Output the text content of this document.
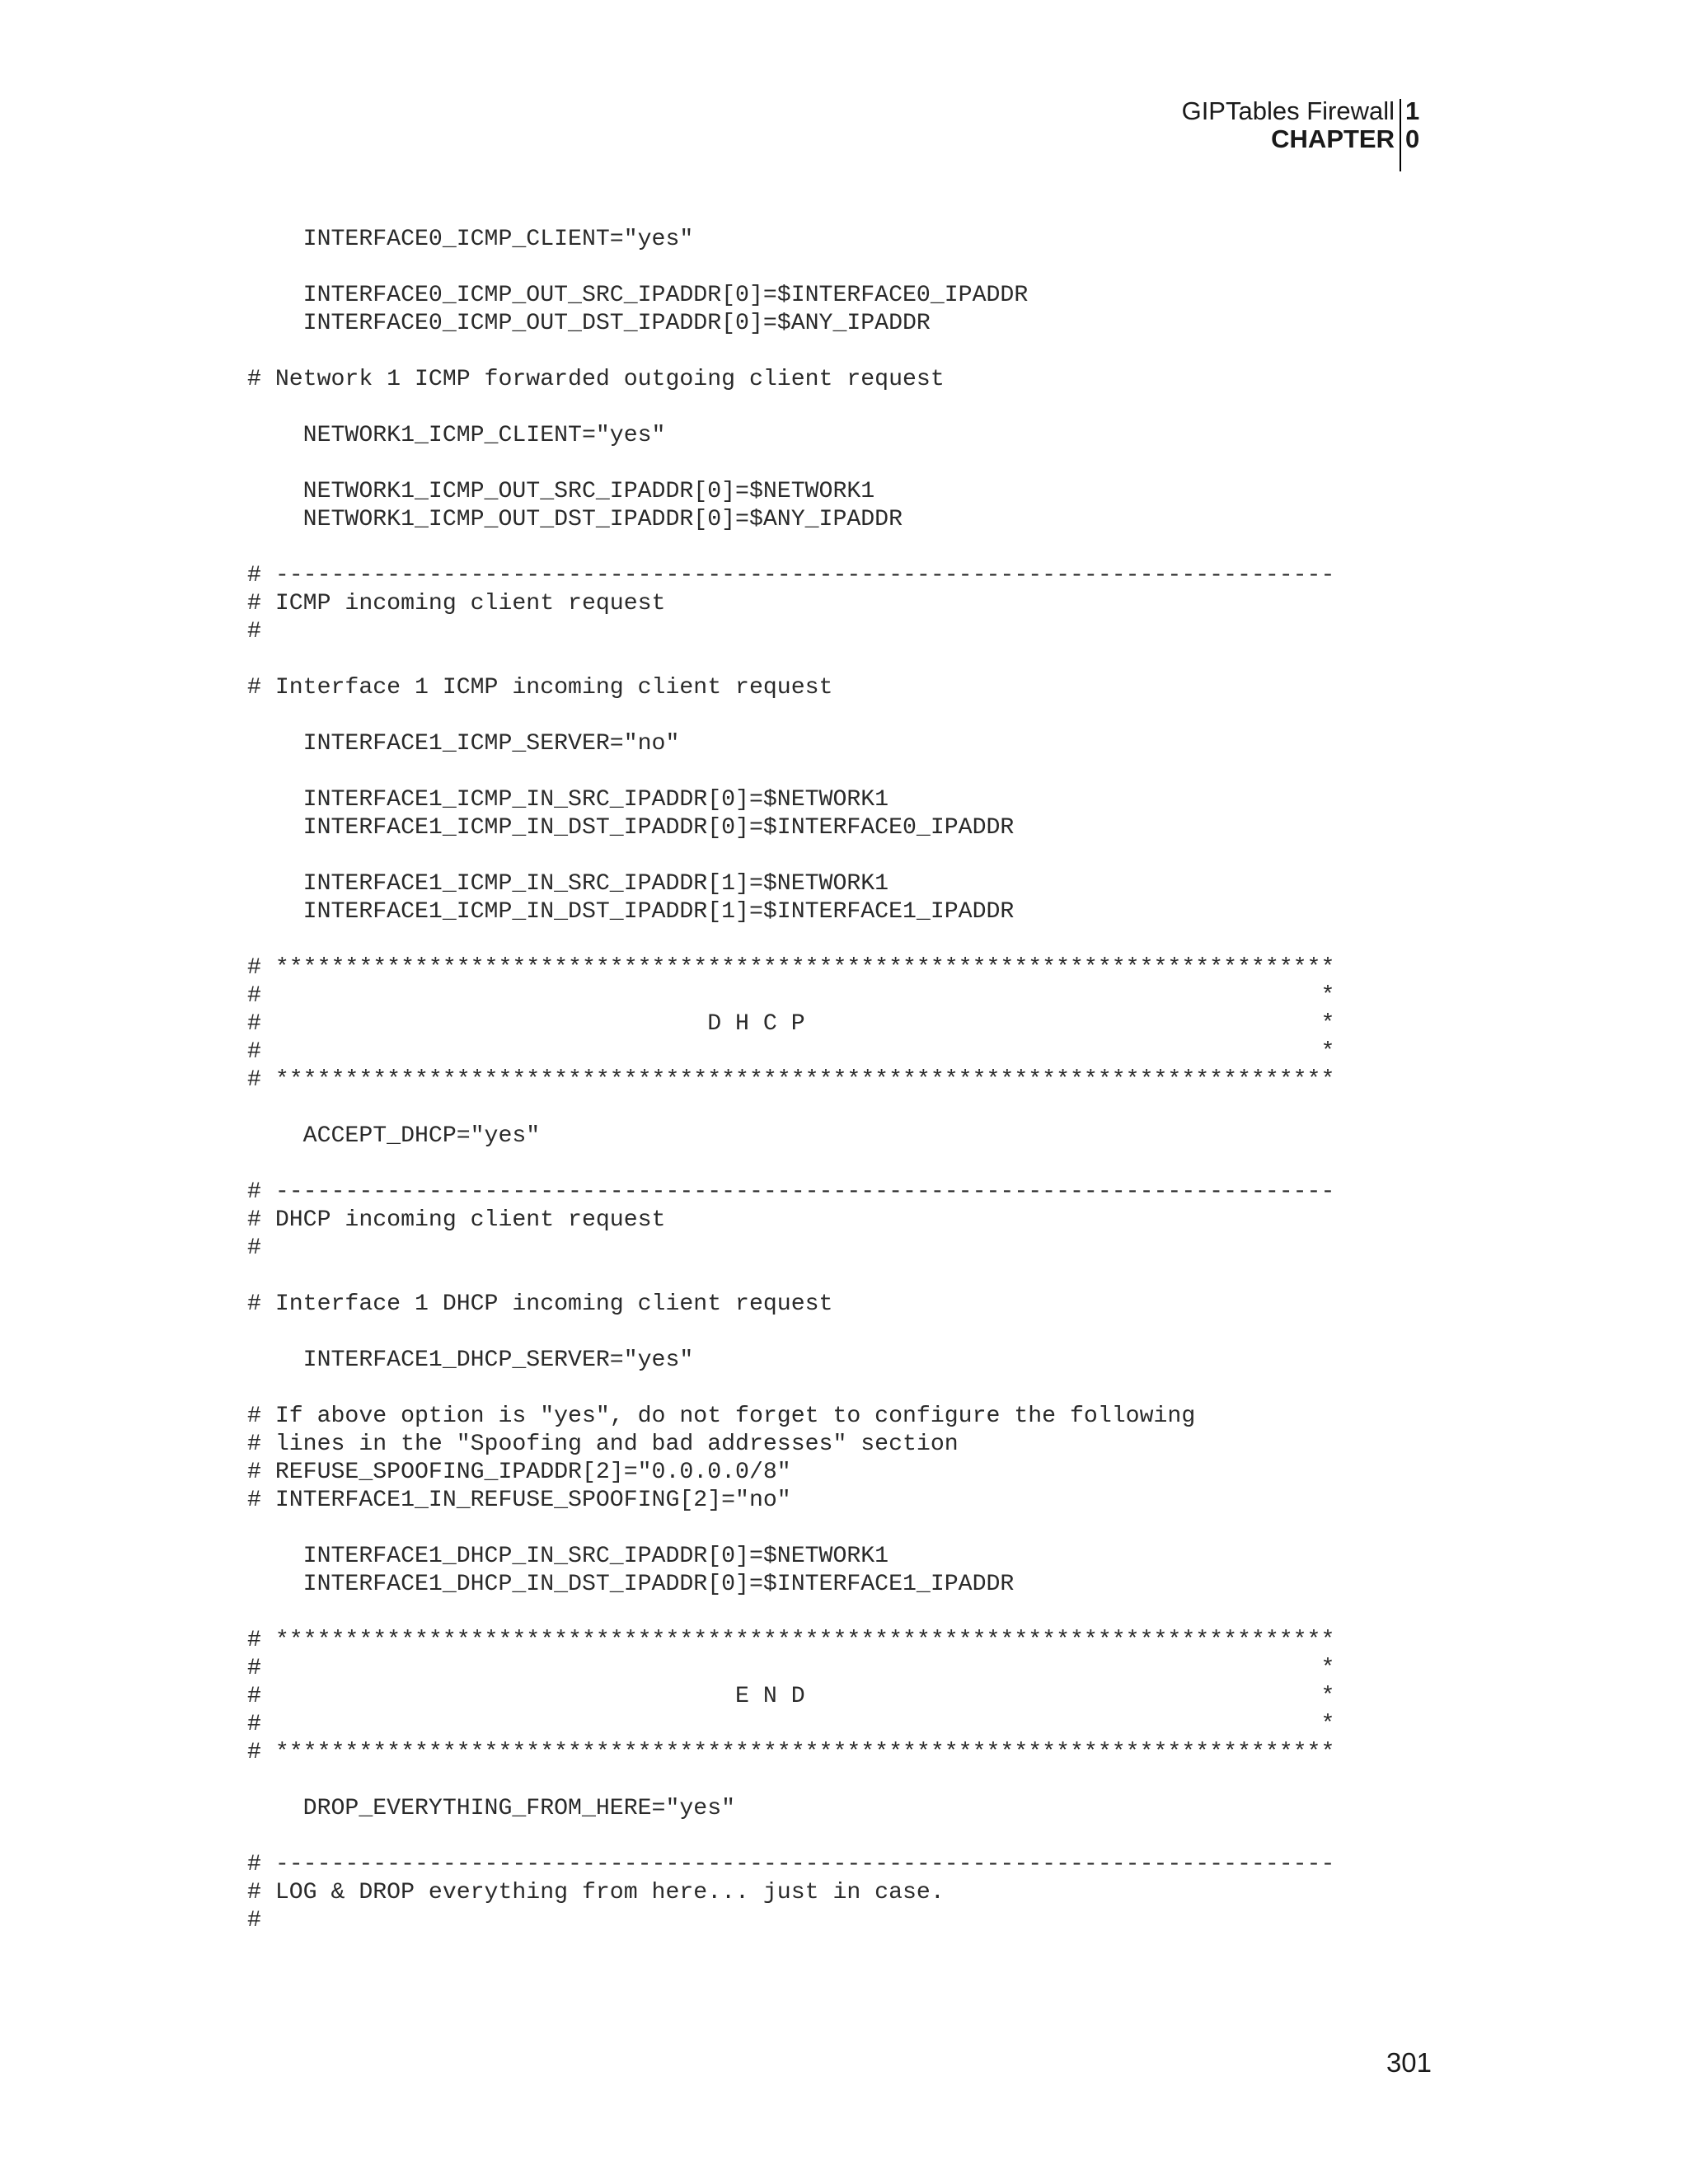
GIPTables Firewall
CHAPTER
1
0
INTERFACE0_ICMP_CLIENT="yes"
INTERFACE0_ICMP_OUT_SRC_IPADDR[0]=$INTERFACE0_IPADDR
INTERFACE0_ICMP_OUT_DST_IPADDR[0]=$ANY_IPADDR
# Network 1 ICMP forwarded outgoing client request
NETWORK1_ICMP_CLIENT="yes"
NETWORK1_ICMP_OUT_SRC_IPADDR[0]=$NETWORK1
NETWORK1_ICMP_OUT_DST_IPADDR[0]=$ANY_IPADDR
# ----------------------------------------------------------------------------
# ICMP incoming client request
#
# Interface 1 ICMP incoming client request
INTERFACE1_ICMP_SERVER="no"
INTERFACE1_ICMP_IN_SRC_IPADDR[0]=$NETWORK1
INTERFACE1_ICMP_IN_DST_IPADDR[0]=$INTERFACE0_IPADDR
INTERFACE1_ICMP_IN_SRC_IPADDR[1]=$NETWORK1
INTERFACE1_ICMP_IN_DST_IPADDR[1]=$INTERFACE1_IPADDR
# ****************************************************************************
#                                                                            *
#                                D H C P                                     *
#                                                                            *
# ****************************************************************************
ACCEPT_DHCP="yes"
# ----------------------------------------------------------------------------
# DHCP incoming client request
#
# Interface 1 DHCP incoming client request
INTERFACE1_DHCP_SERVER="yes"
# If above option is "yes", do not forget to configure the following
# lines in the "Spoofing and bad addresses" section
# REFUSE_SPOOFING_IPADDR[2]="0.0.0.0/8"
# INTERFACE1_IN_REFUSE_SPOOFING[2]="no"
INTERFACE1_DHCP_IN_SRC_IPADDR[0]=$NETWORK1
INTERFACE1_DHCP_IN_DST_IPADDR[0]=$INTERFACE1_IPADDR
# ****************************************************************************
#                                                                            *
#                                  E N D                                     *
#                                                                            *
# ****************************************************************************
DROP_EVERYTHING_FROM_HERE="yes"
# ----------------------------------------------------------------------------
# LOG & DROP everything from here... just in case.
#
301
